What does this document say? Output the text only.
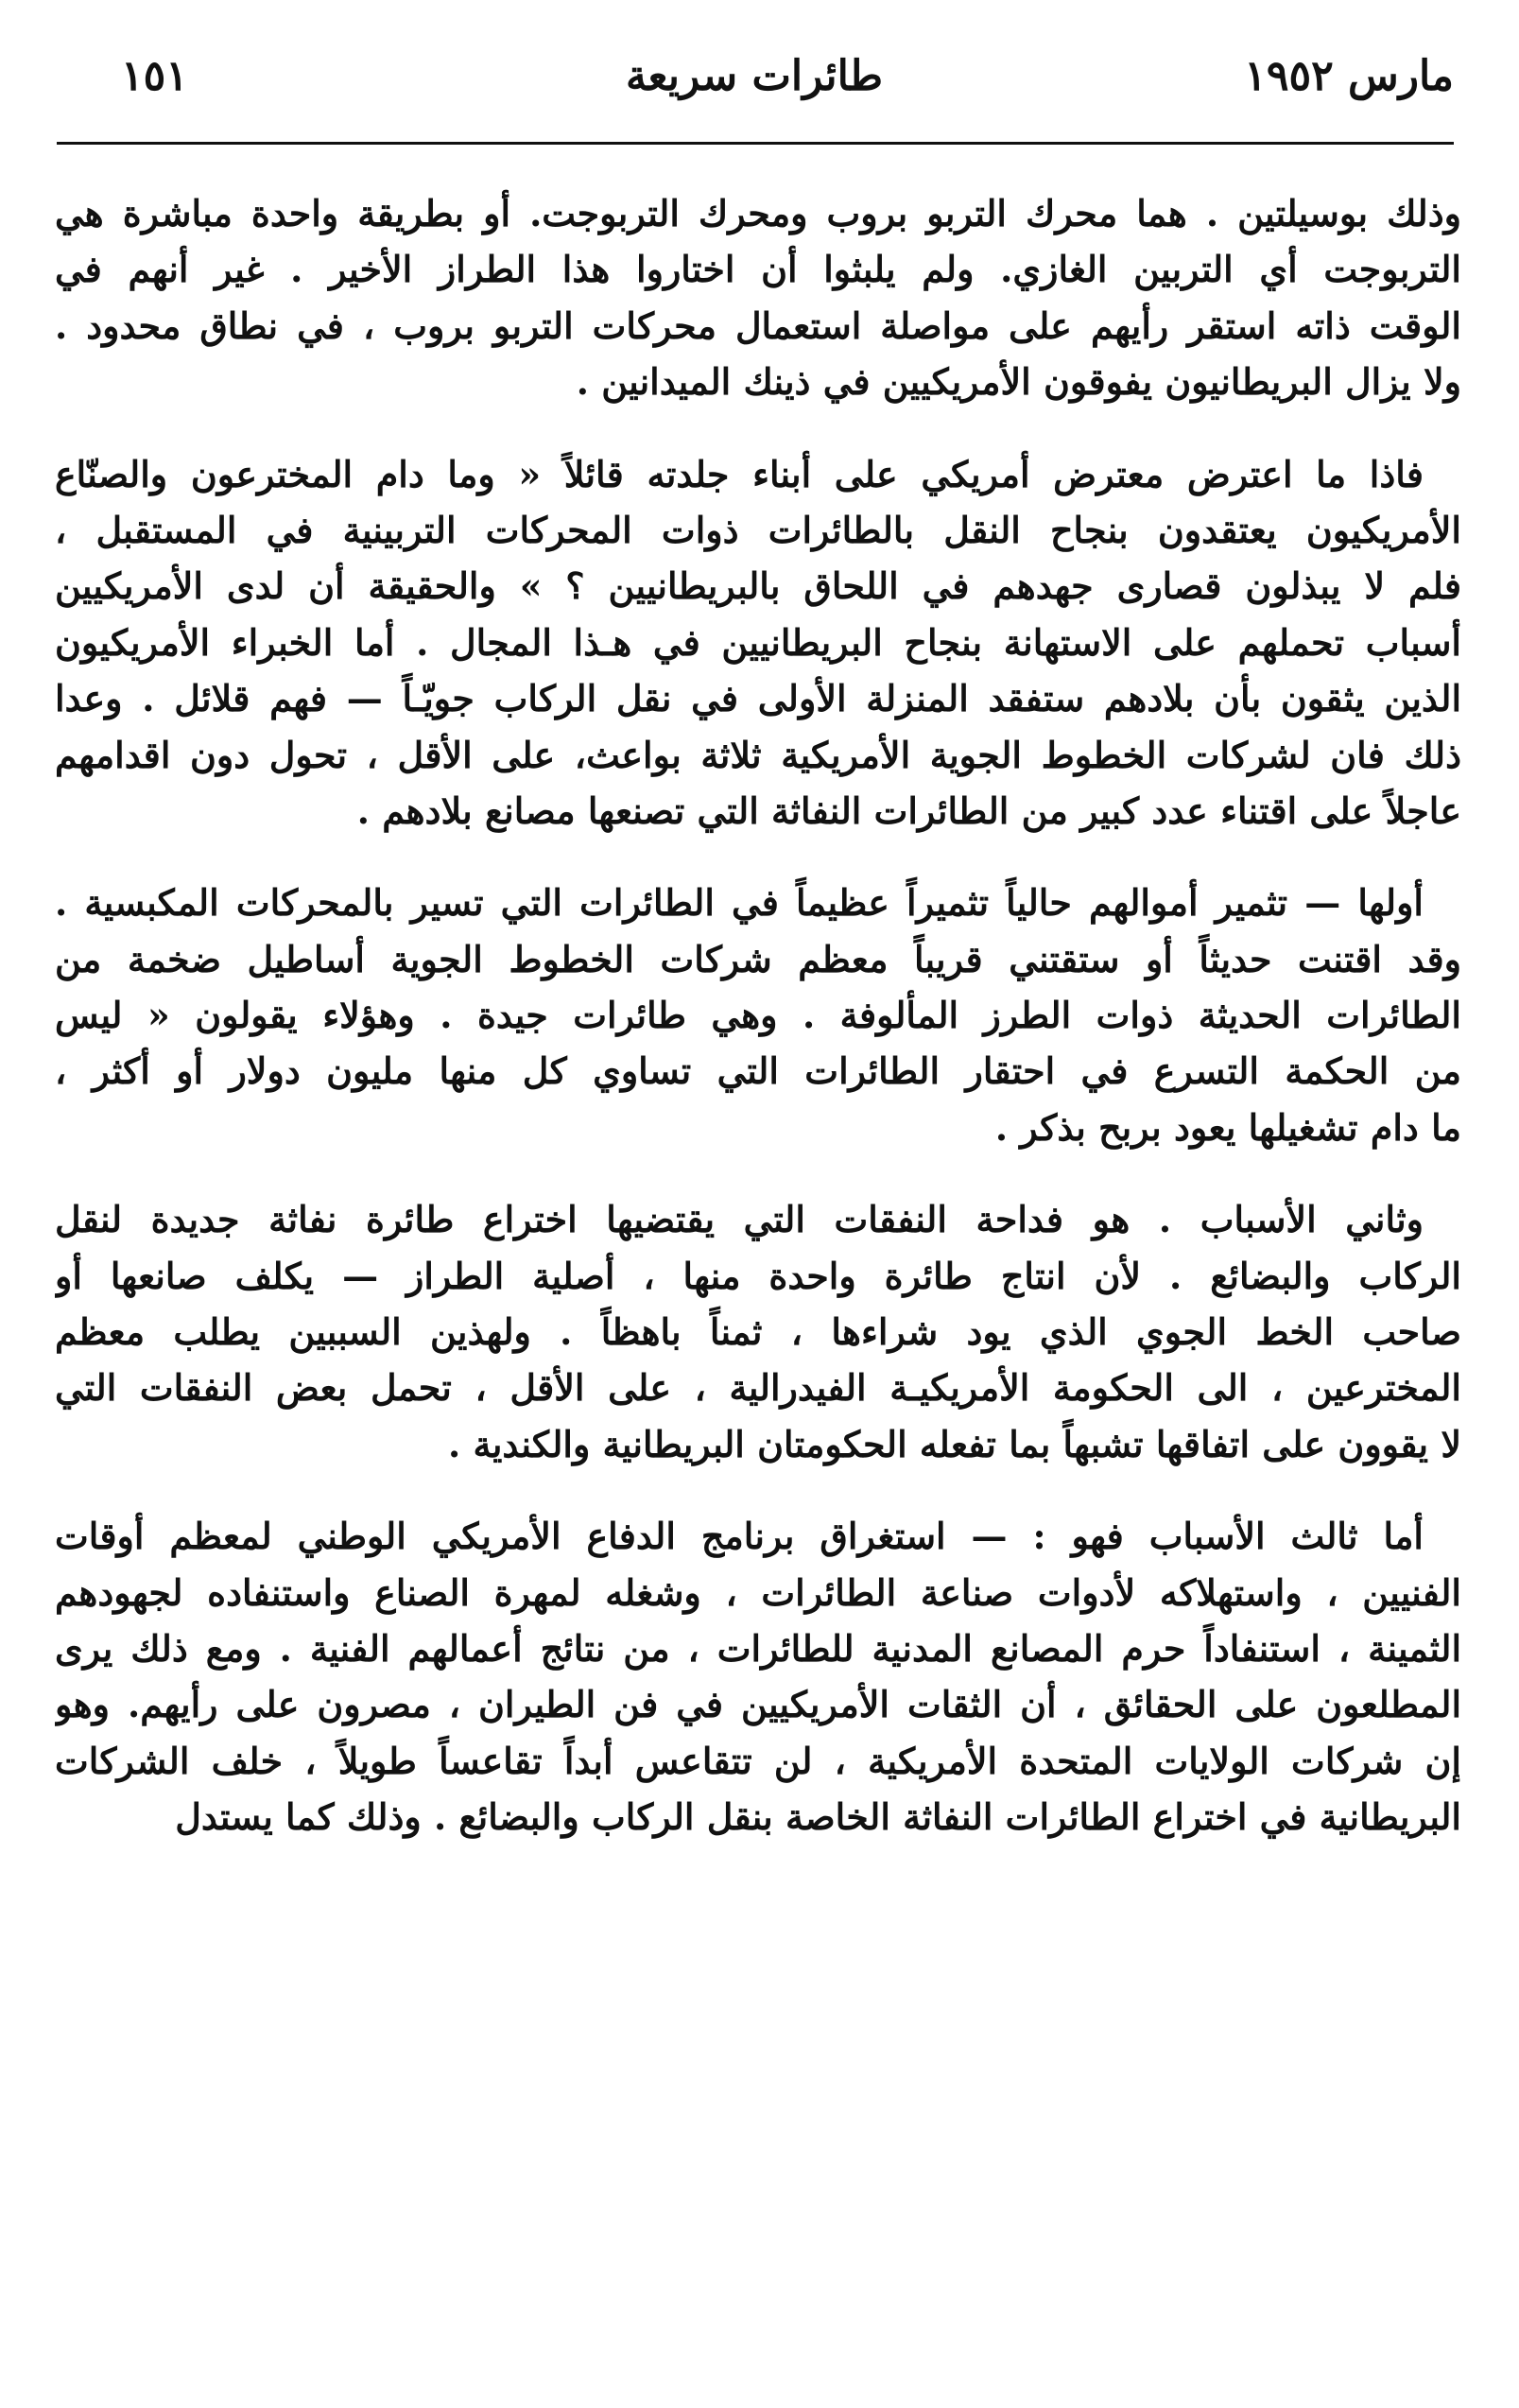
مارس ١٩٥٢
طائرات سريعة
١٥١
وذلك بوسيلتين . هما محرك التربو بروب ومحرك التربوجت. أو بطريقة واحدة مباشرة هي
التربوجت أي التربين الغازي. ولم يلبثوا أن اختاروا هذا الطراز الأخير . غير أنهم في
الوقت ذاته استقر رأيهم على مواصلة استعمال محركات التربو بروب ، في نطاق محدود .
ولا يزال البريطانيون يفوقون الأمريكيين في ذينك الميدانين .
فاذا ما اعترض معترض أمريكي على أبناء جلدته قائلاً « وما دام المخترعون والصنّاع
الأمريكيون يعتقدون بنجاح النقل بالطائرات ذوات المحركات التربينية في المستقبل ،
فلم لا يبذلون قصارى جهدهم في اللحاق بالبريطانيين ؟ » والحقيقة أن لدى الأمريكيين
أسباب تحملهم على الاستهانة بنجاح البريطانيين في هـذا المجال . أما الخبراء الأمريكيون
الذين يثقون بأن بلادهم ستفقد المنزلة الأولى في نقل الركاب جويّـاً — فهم قلائل . وعدا
ذلك فان لشركات الخطوط الجوية الأمريكية ثلاثة بواعث، على الأقل ، تحول دون اقدامهم
عاجلاً على اقتناء عدد كبير من الطائرات النفاثة التي تصنعها مصانع بلادهم .
أولها — تثمير أموالهم حالياً تثميراً عظيماً في الطائرات التي تسير بالمحركات المكبسية .
وقد اقتنت حديثاً أو ستقتني قريباً معظم شركات الخطوط الجوية أساطيل ضخمة من
الطائرات الحديثة ذوات الطرز المألوفة . وهي طائرات جيدة . وهؤلاء يقولون « ليس
من الحكمة التسرع في احتقار الطائرات التي تساوي كل منها مليون دولار أو أكثر ،
ما دام تشغيلها يعود بربح بذكر .
وثاني الأسباب . هو فداحة النفقات التي يقتضيها اختراع طائرة نفاثة جديدة لنقل
الركاب والبضائع . لأن انتاج طائرة واحدة منها ، أصلية الطراز — يكلف صانعها أو
صاحب الخط الجوي الذي يود شراءها ، ثمناً باهظاً . ولهذين السببين يطلب معظم
المخترعين ، الى الحكومة الأمريكيـة الفيدرالية ، على الأقل ، تحمل بعض النفقات التي
لا يقوون على اتفاقها تشبهاً بما تفعله الحكومتان البريطانية والكندية .
أما ثالث الأسباب فهو : — استغراق برنامج الدفاع الأمريكي الوطني لمعظم أوقات
الفنيين ، واستهلاكه لأدوات صناعة الطائرات ، وشغله لمهرة الصناع واستنفاده لجهودهم
الثمينة ، استنفاداً حرم المصانع المدنية للطائرات ، من نتائج أعمالهم الفنية . ومع ذلك يرى
المطلعون على الحقائق ، أن الثقات الأمريكيين في فن الطيران ، مصرون على رأيهم. وهو
إن شركات الولايات المتحدة الأمريكية ، لن تتقاعس أبداً تقاعساً طويلاً ، خلف الشركات
البريطانية في اختراع الطائرات النفاثة الخاصة بنقل الركاب والبضائع . وذلك كما يستدل
